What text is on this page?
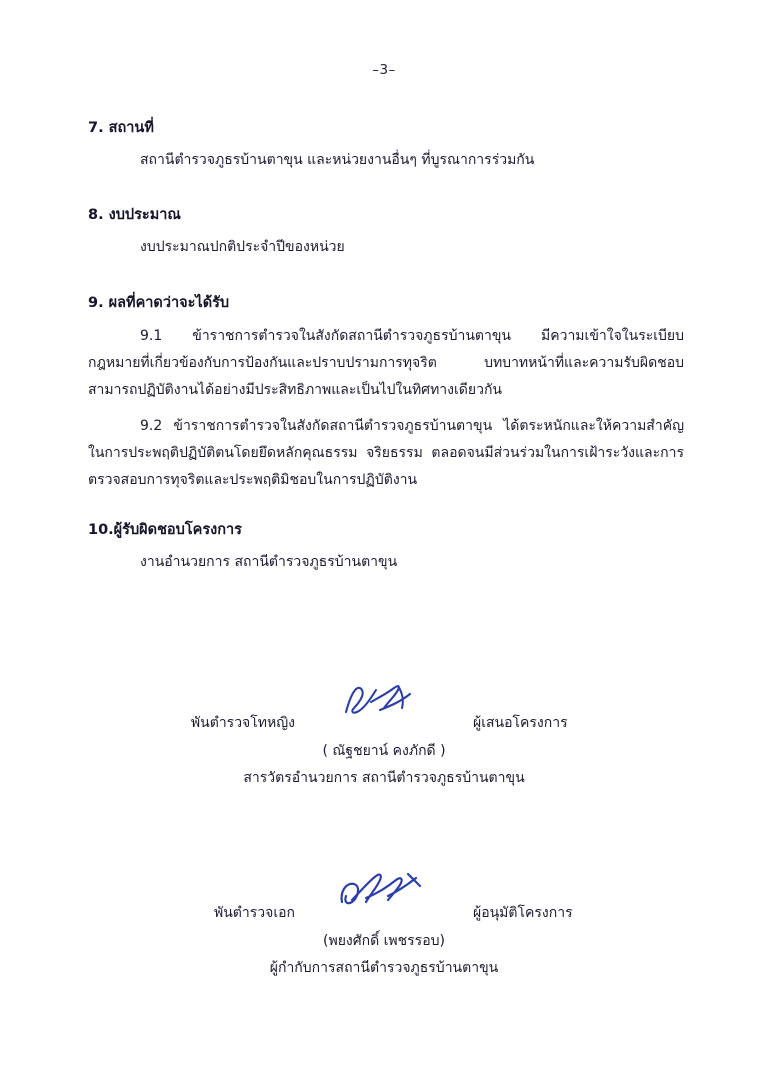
–3–
7. สถานที่
สถานีตำรวจภูธรบ้านตาขุน และหน่วยงานอื่นๆ ที่บูรณาการร่วมกัน
8. งบประมาณ
งบประมาณปกติประจำปีของหน่วย
9. ผลที่คาดว่าจะได้รับ
9.1 ข้าราชการตำรวจในสังกัดสถานีตำรวจภูธรบ้านตาขุน มีความเข้าใจในระเบียบ กฎหมายที่เกี่ยวข้องกับการป้องกันและปราบปรามการทุจริต บทบาทหน้าที่และความรับผิดชอบ สามารถปฏิบัติงานได้อย่างมีประสิทธิภาพและเป็นไปในทิศทางเดียวกัน
9.2 ข้าราชการตำรวจในสังกัดสถานีตำรวจภูธรบ้านตาขุน ได้ตระหนักและให้ความสำคัญในการประพฤติปฏิบัติตนโดยยึดหลักคุณธรรม จริยธรรม ตลอดจนมีส่วนร่วมในการเฝ้าระวังและการตรวจสอบการทุจริตและประพฤติมิชอบในการปฏิบัติงาน
10.ผู้รับผิดชอบโครงการ
งานอำนวยการ สถานีตำรวจภูธรบ้านตาขุน
พันตำรวจโทหญิง	ผู้เสนอโครงการ
( ณัฐชยาน์ คงภักดี )
สารวัตรอำนวยการ สถานีตำรวจภูธรบ้านตาขุน
พันตำรวจเอก	ผู้อนุมัติโครงการ
(พยงศักดิ์ เพชรรอบ)
ผู้กำกับการสถานีตำรวจภูธรบ้านตาขุน
